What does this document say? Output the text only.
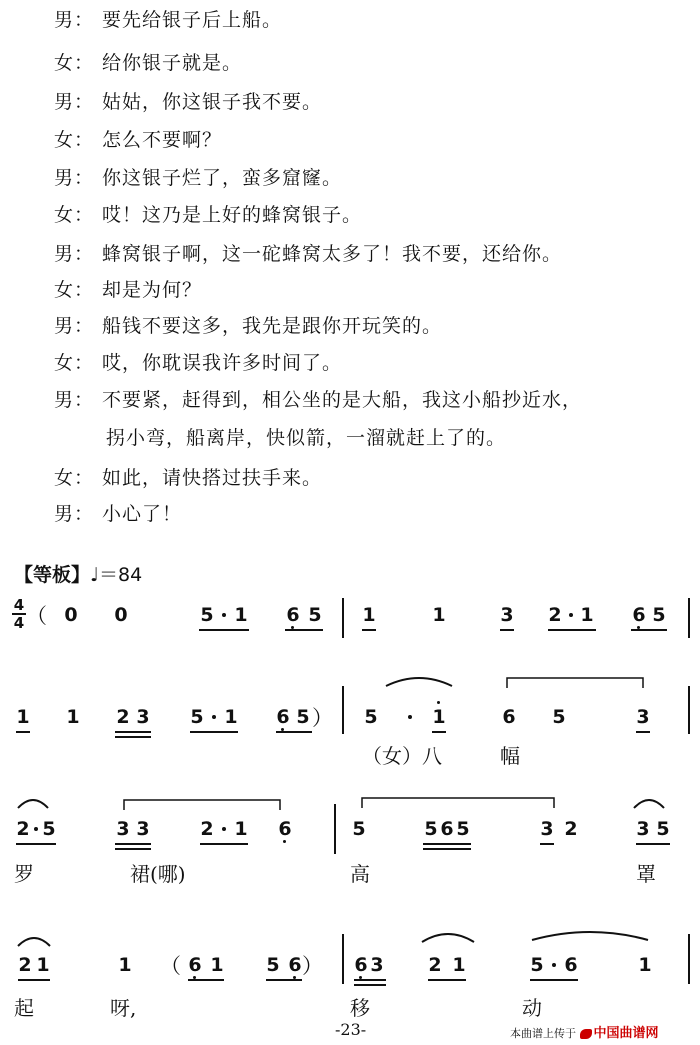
男： 要先给银子后上船。
女： 给你银子就是。
男： 姑姑，你这银子我不要。
女： 怎么不要啊？
男： 你这银子烂了，蛮多窟窿。
女： 哎！这乃是上好的蜂窝银子。
男： 蜂窝银子啊，这一砣蜂窝太多了！我不要，还给你。
女： 却是为何？
男： 船钱不要这多，我先是跟你开玩笑的。
女： 哎，你耽误我许多时间了。
男： 不要紧，赶得到，相公坐的是大船，我这小船抄近水，
拐小弯，船离岸，快似箭，一溜就赶上了的。
女： 如此，请快搭过扶手来。
男： 小心了！
【等板】♩＝84
4
4 （ 0 0	5 1 6 5 1	1	3 2 1 6 5
1 1 2 3 5 1 6 5 ） 5	1	6 5	3
（女）八	幅
2 5	3 3	2 1 6	5	5 6 5	3 2	3 5
罗	裙(哪)	高	罩
2 1	1 （ 6 1 5 6 ） 6 3 2 1	5 6	1
起	呀,	移	动
-23-	本曲谱上传于 中国曲谱网
